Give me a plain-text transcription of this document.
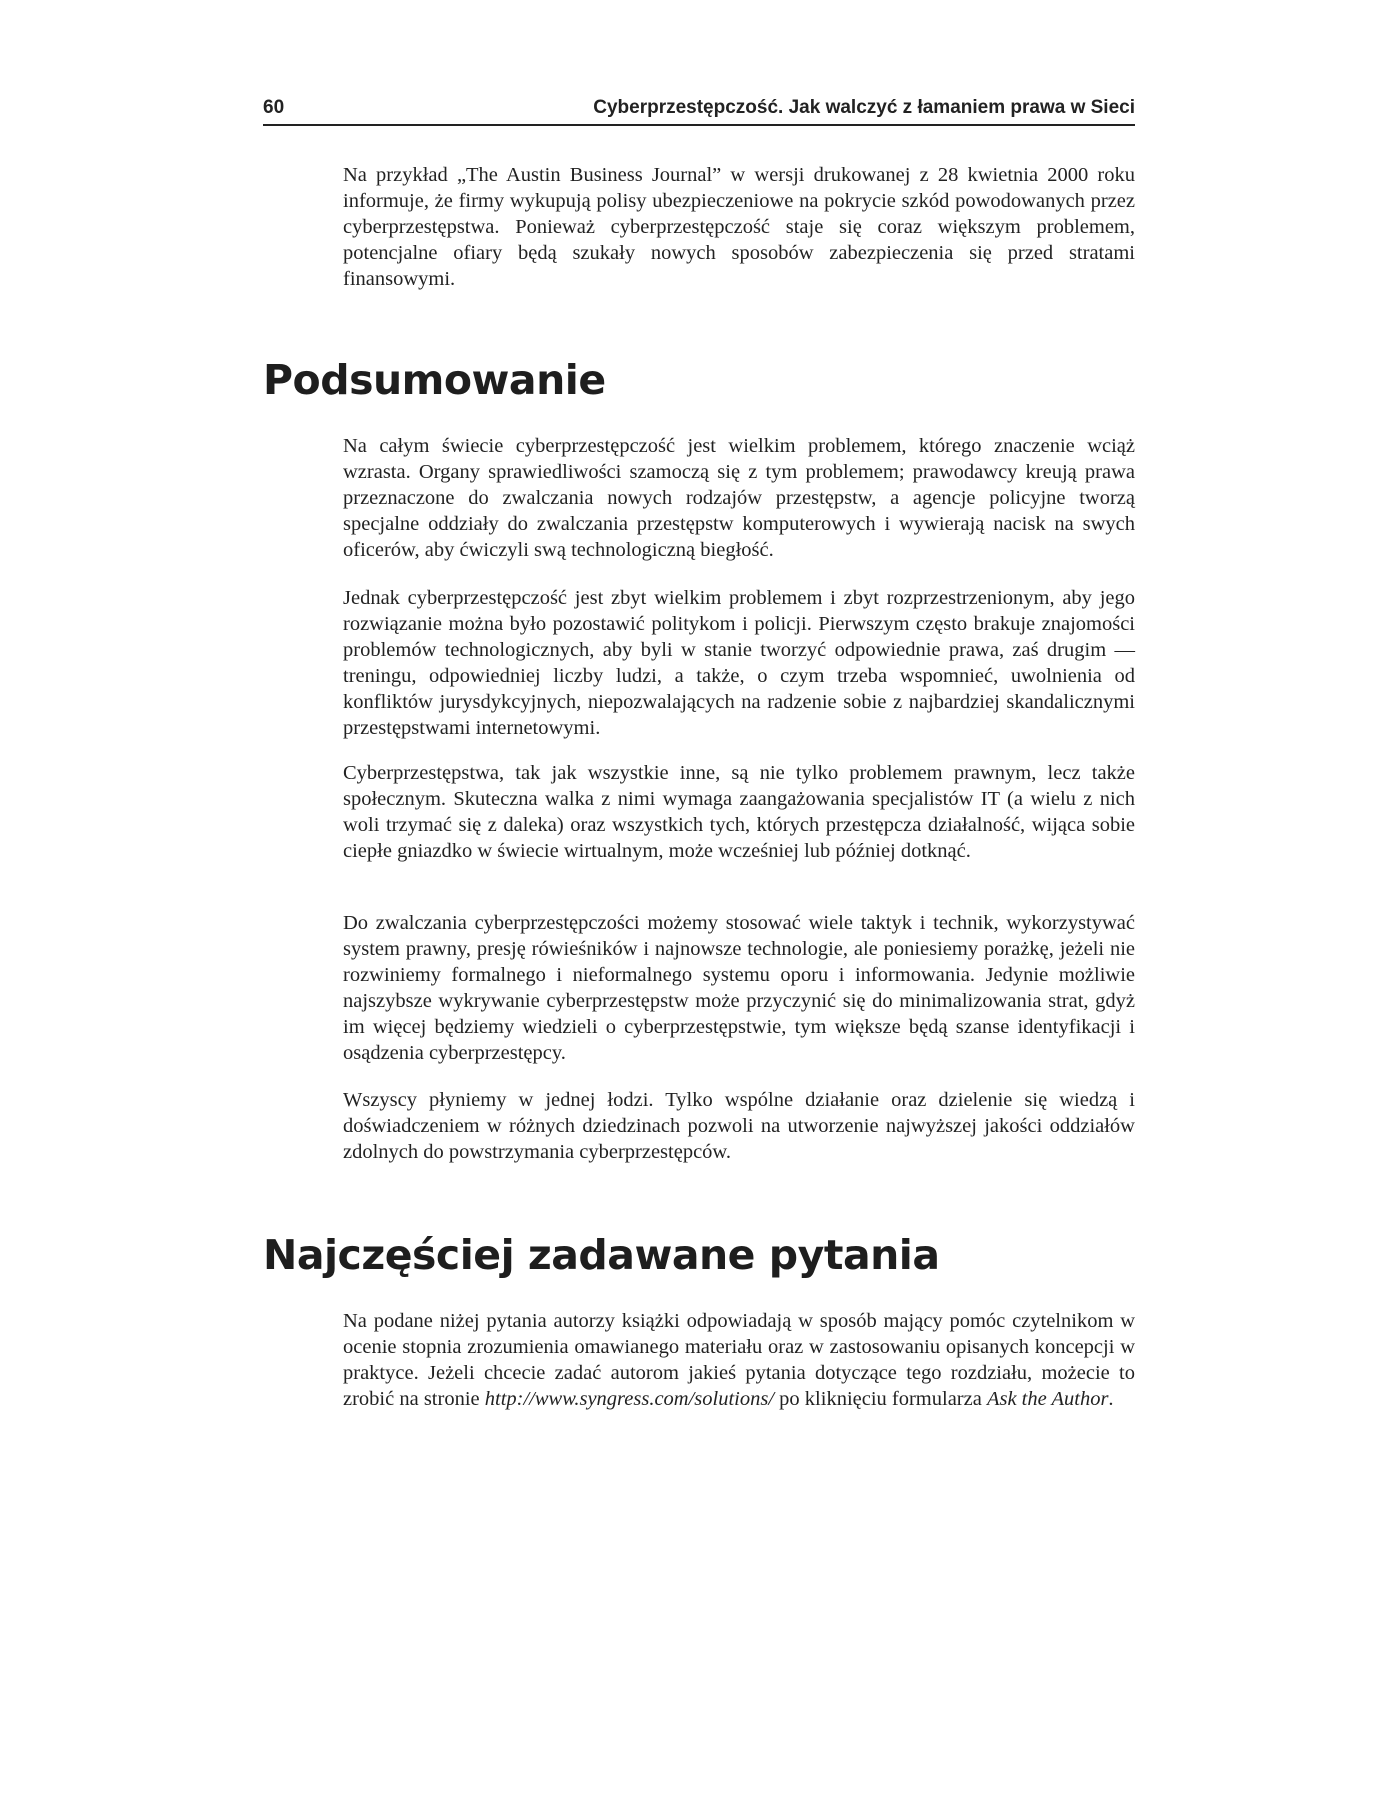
60	Cyberprzestępczość. Jak walczyć z łamaniem prawa w Sieci

Na przykład „The Austin Business Journal” w wersji drukowanej z 28 kwietnia 2000 roku informuje, że firmy wykupują polisy ubezpieczeniowe na pokrycie szkód powodowanych przez cyberprzestępstwa. Ponieważ cyberprzestępczość staje się coraz większym problemem, potencjalne ofiary będą szukały nowych sposobów zabezpieczenia się przed stratami finansowymi.

Podsumowanie

Na całym świecie cyberprzestępczość jest wielkim problemem, którego znaczenie wciąż wzrasta. Organy sprawiedliwości szamoczą się z tym problemem; prawodawcy kreują prawa przeznaczone do zwalczania nowych rodzajów przestępstw, a agencje policyjne tworzą specjalne oddziały do zwalczania przestępstw komputerowych i wywierają nacisk na swych oficerów, aby ćwiczyli swą technologiczną biegłość.

Jednak cyberprzestępczość jest zbyt wielkim problemem i zbyt rozprzestrzenionym, aby jego rozwiązanie można było pozostawić politykom i policji. Pierwszym często brakuje znajomości problemów technologicznych, aby byli w stanie tworzyć odpowiednie prawa, zaś drugim — treningu, odpowiedniej liczby ludzi, a także, o czym trzeba wspomnieć, uwolnienia od konfliktów jurysdykcyjnych, niepozwalających na radzenie sobie z najbardziej skandalicznymi przestępstwami internetowymi.

Cyberprzestępstwa, tak jak wszystkie inne, są nie tylko problemem prawnym, lecz także społecznym. Skuteczna walka z nimi wymaga zaangażowania specjalistów IT (a wielu z nich woli trzymać się z daleka) oraz wszystkich tych, których przestępcza działalność, wijąca sobie ciepłe gniazdko w świecie wirtualnym, może wcześniej lub później dotknąć.

Do zwalczania cyberprzestępczości możemy stosować wiele taktyk i technik, wykorzystywać system prawny, presję rówieśników i najnowsze technologie, ale poniesiemy porażkę, jeżeli nie rozwiniemy formalnego i nieformalnego systemu oporu i informowania. Jedynie możliwie najszybsze wykrywanie cyberprzestępstw może przyczynić się do minimalizowania strat, gdyż im więcej będziemy wiedzieli o cyberprzestępstwie, tym większe będą szanse identyfikacji i osądzenia cyberprzestępcy.

Wszyscy płyniemy w jednej łodzi. Tylko wspólne działanie oraz dzielenie się wiedzą i doświadczeniem w różnych dziedzinach pozwoli na utworzenie najwyższej jakości oddziałów zdolnych do powstrzymania cyberprzestępców.

Najczęściej zadawane pytania

Na podane niżej pytania autorzy książki odpowiadają w sposób mający pomóc czytelnikom w ocenie stopnia zrozumienia omawianego materiału oraz w zastosowaniu opisanych koncepcji w praktyce. Jeżeli chcecie zadać autorom jakieś pytania dotyczące tego rozdziału, możecie to zrobić na stronie http://www.syngress.com/solutions/ po kliknięciu formularza Ask the Author.
